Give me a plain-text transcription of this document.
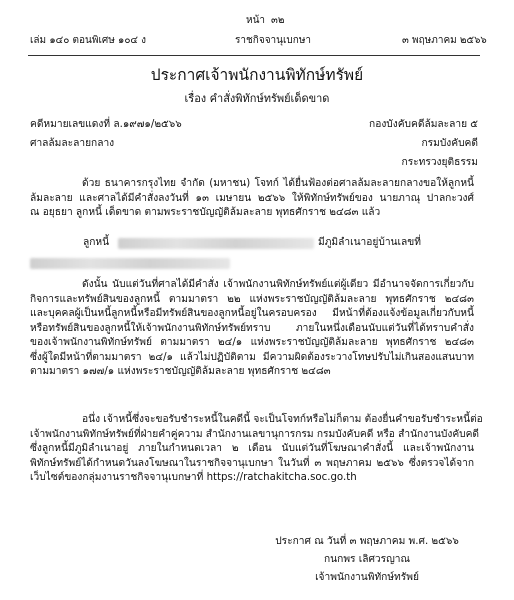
หน้า ๓๒
เล่ม ๑๔๐ ตอนพิเศษ ๑๐๔ ง	ราชกิจจานุเบกษา	๓ พฤษภาคม ๒๕๖๖
ประกาศเจ้าพนักงานพิทักษ์ทรัพย์
เรื่อง คำสั่งพิทักษ์ทรัพย์เด็ดขาด
คดีหมายเลขแดงที่ ล.๑๙๗๑/๒๕๖๖
ศาลล้มละลายกลาง
กองบังคับคดีล้มละลาย ๕
กรมบังคับคดี
กระทรวงยุติธรรม
ด้วย ธนาคารกรุงไทย จำกัด (มหาชน) โจทก์ ได้ยื่นฟ้องต่อศาลล้มละลายกลางขอให้ลูกหนี้
ล้มละลาย และศาลได้มีคำสั่งลงวันที่ ๑๓ เมษายน ๒๕๖๖ ให้พิทักษ์ทรัพย์ของ นายภาณุ ปาลกะวงศ์
ณ อยุธยา ลูกหนี้ เด็ดขาด ตามพระราชบัญญัติล้มละลาย พุทธศักราช ๒๔๘๓ แล้ว
ลูกหนี้	มีภูมิลำเนาอยู่บ้านเลขที่
ดังนั้น นับแต่วันที่ศาลได้มีคำสั่ง เจ้าพนักงานพิทักษ์ทรัพย์แต่ผู้เดียว มีอำนาจจัดการเกี่ยวกับ
กิจการและทรัพย์สินของลูกหนี้ ตามมาตรา ๒๒ แห่งพระราชบัญญัติล้มละลาย พุทธศักราช ๒๔๘๓
และบุคคลผู้เป็นหนี้ลูกหนี้หรือมีทรัพย์สินของลูกหนี้อยู่ในครอบครอง มีหน้าที่ต้องแจ้งข้อมูลเกี่ยวกับหนี้
หรือทรัพย์สินของลูกหนี้ให้เจ้าพนักงานพิทักษ์ทรัพย์ทราบ ภายในหนึ่งเดือนนับแต่วันที่ได้ทราบคำสั่ง
ของเจ้าพนักงานพิทักษ์ทรัพย์ ตามมาตรา ๒๔/๑ แห่งพระราชบัญญัติล้มละลาย พุทธศักราช ๒๔๘๓
ซึ่งผู้ใดมีหน้าที่ตามมาตรา ๒๔/๑ แล้วไม่ปฏิบัติตาม มีความผิดต้องระวางโทษปรับไม่เกินสองแสนบาท
ตามมาตรา ๑๗๗/๑ แห่งพระราชบัญญัติล้มละลาย พุทธศักราช ๒๔๘๓
อนึ่ง เจ้าหนี้ซึ่งจะขอรับชำระหนี้ในคดีนี้ จะเป็นโจทก์หรือไม่ก็ตาม ต้องยื่นคำขอรับชำระหนี้ต่อ
เจ้าพนักงานพิทักษ์ทรัพย์ที่ฝ่ายคำคู่ความ สำนักงานเลขานุการกรม กรมบังคับคดี หรือ สำนักงานบังคับคดี
ซึ่งลูกหนี้มีภูมิลำเนาอยู่ ภายในกำหนดเวลา ๒ เดือน นับแต่วันที่โฆษณาคำสั่งนี้ และเจ้าพนักงาน
พิทักษ์ทรัพย์ได้กำหนดวันลงโฆษณาในราชกิจจานุเบกษา ในวันที่ ๓ พฤษภาคม ๒๕๖๖ ซึ่งตรวจได้จาก
เว็บไซต์ของกลุ่มงานราชกิจจานุเบกษาที่ https://ratchakitcha.soc.go.th
ประกาศ ณ วันที่ ๓ พฤษภาคม พ.ศ. ๒๕๖๖
กนกพร เลิศวรญาณ
เจ้าพนักงานพิทักษ์ทรัพย์
